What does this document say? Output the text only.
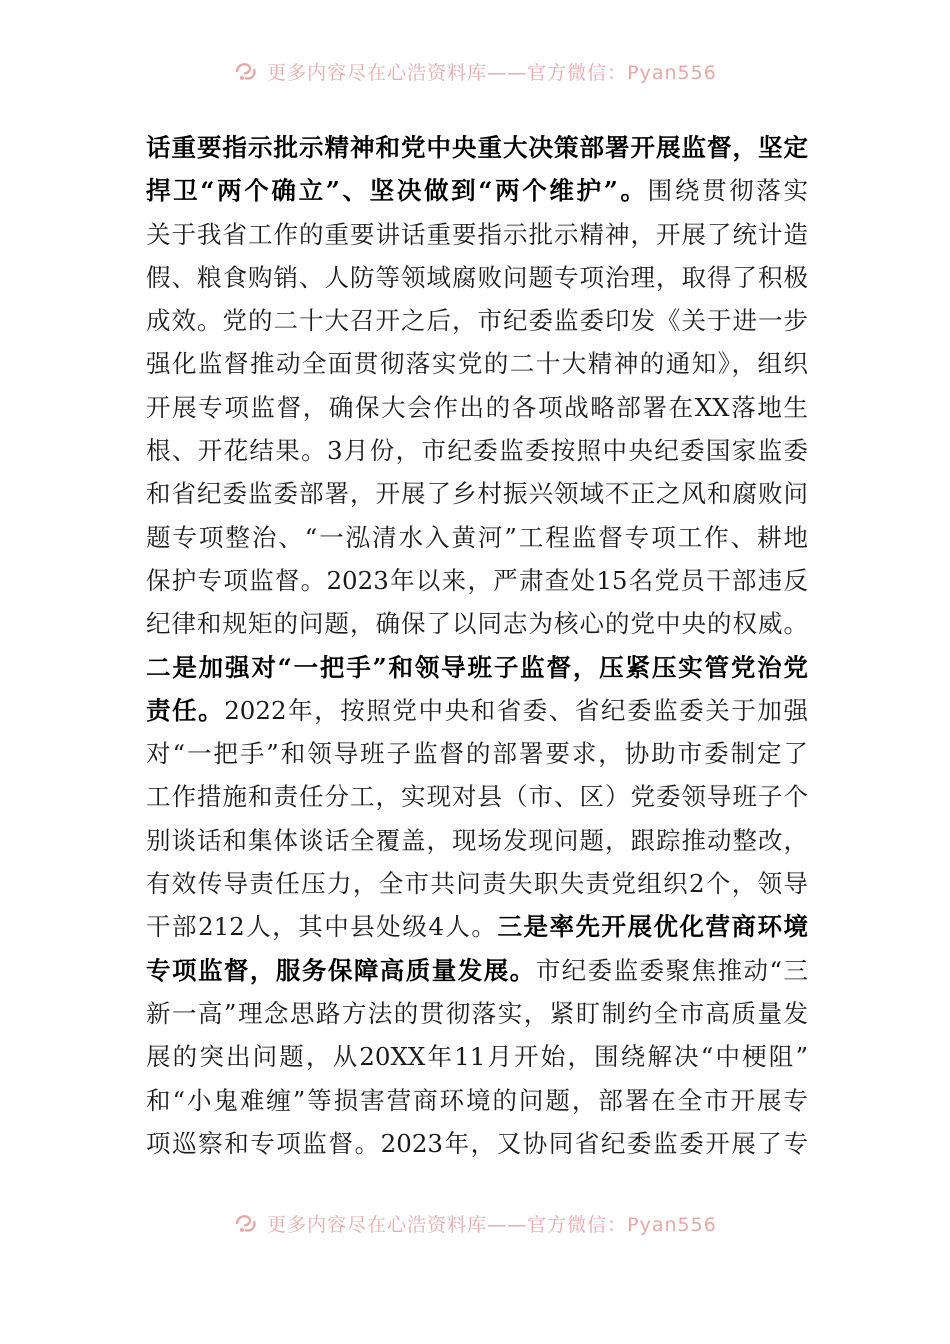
更多内容尽在心浩资料库——官方微信：Pyan556
话重要指示批示精神和党中央重大决策部署开展监督，坚定
捍卫“两个确立”、坚决做到“两个维护”。围绕贯彻落实
关于我省工作的重要讲话重要指示批示精神，开展了统计造
假、粮食购销、人防等领域腐败问题专项治理，取得了积极
成效。党的二十大召开之后，市纪委监委印发《关于进一步
强化监督推动全面贯彻落实党的二十大精神的通知》，组织
开展专项监督，确保大会作出的各项战略部署在XX落地生
根、开花结果。3月份，市纪委监委按照中央纪委国家监委
和省纪委监委部署，开展了乡村振兴领域不正之风和腐败问
题专项整治、“一泓清水入黄河”工程监督专项工作、耕地
保护专项监督。2023年以来，严肃查处15名党员干部违反
纪律和规矩的问题，确保了以同志为核心的党中央的权威。
二是加强对“一把手”和领导班子监督，压紧压实管党治党
责任。2022年，按照党中央和省委、省纪委监委关于加强
对“一把手”和领导班子监督的部署要求，协助市委制定了
工作措施和责任分工，实现对县（市、区）党委领导班子个
别谈话和集体谈话全覆盖，现场发现问题，跟踪推动整改，
有效传导责任压力，全市共问责失职失责党组织2个，领导
干部212人，其中县处级4人。三是率先开展优化营商环境
专项监督，服务保障高质量发展。市纪委监委聚焦推动“三
新一高”理念思路方法的贯彻落实，紧盯制约全市高质量发
展的突出问题，从20XX年11月开始，围绕解决“中梗阻”
和“小鬼难缠”等损害营商环境的问题，部署在全市开展专
项巡察和专项监督。2023年，又协同省纪委监委开展了专
更多内容尽在心浩资料库——官方微信：Pyan556
